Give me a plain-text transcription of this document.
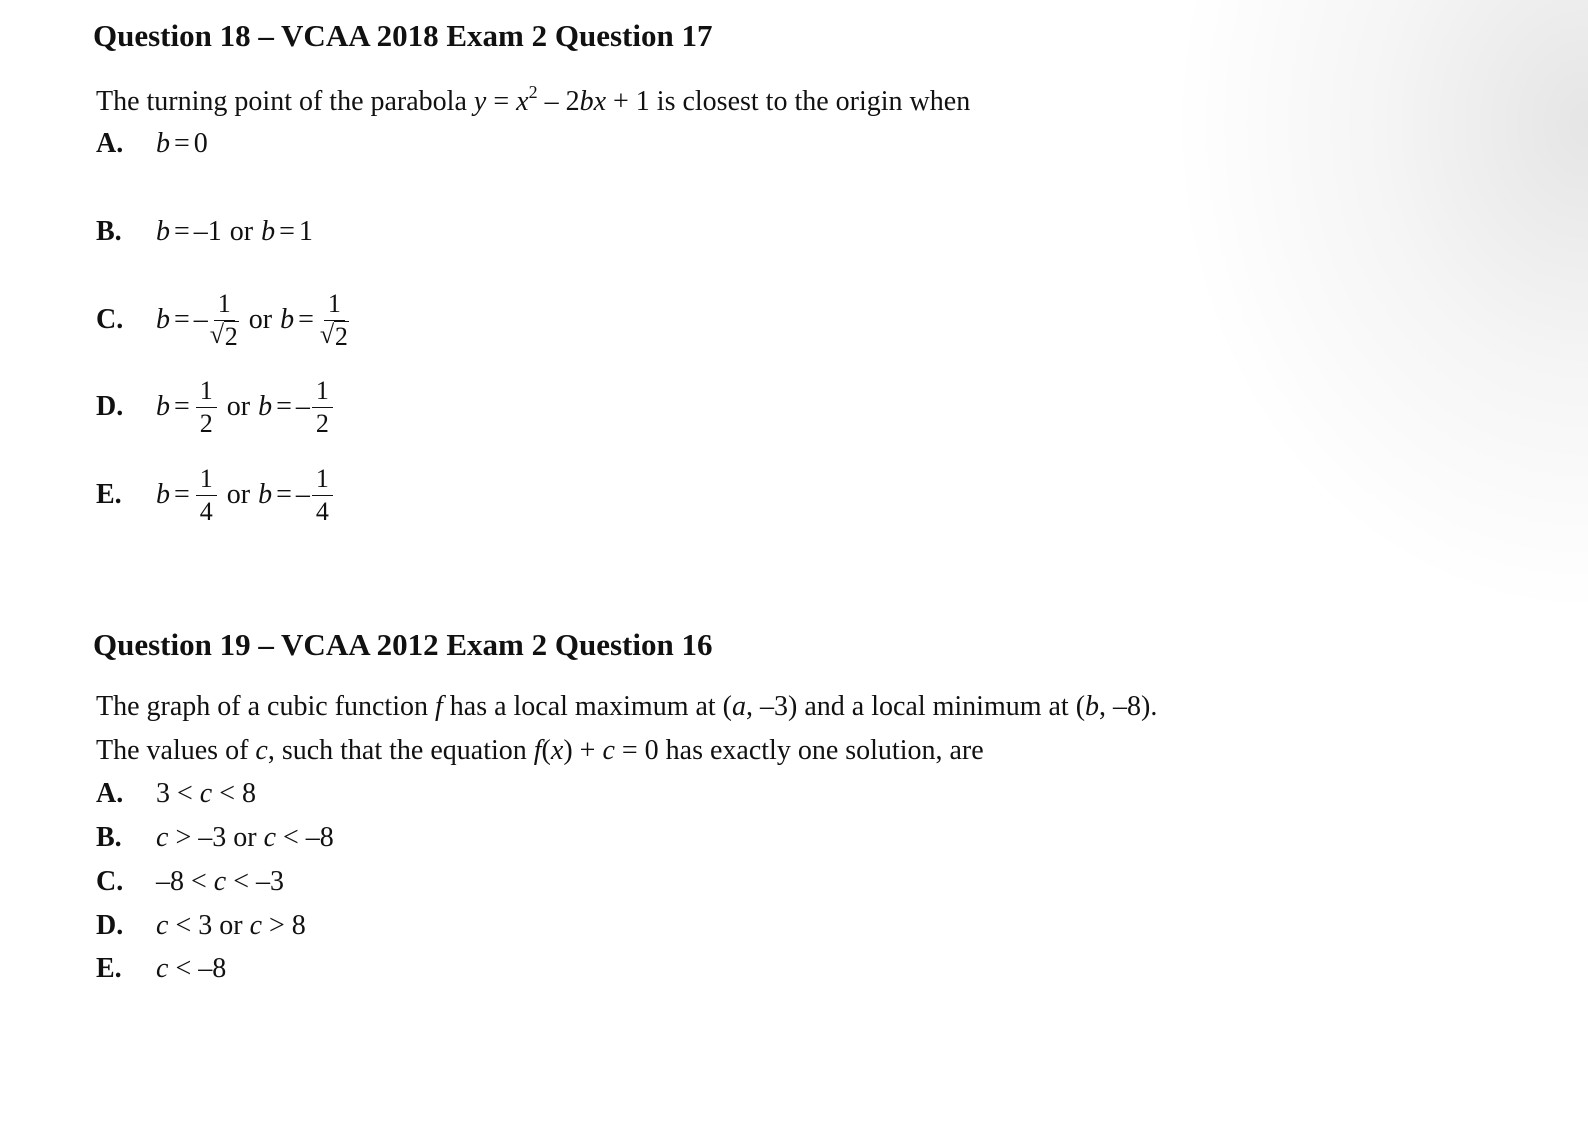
Question 18 – VCAA 2018 Exam 2 Question 17
The turning point of the parabola $y = x^2 - 2bx + 1$ is closest to the origin when
A.	b = 0
B.	b = –1 or b = 1
C.	b = – $\frac{1}{√ 2}$ or $b = \frac{1}{√ 2}$
D.	$b = \frac{1}{2}$ or b = – $\frac{1}{2}$
E.	$b = \frac{1}{4}$ or b = – $\frac{1}{4}$
Question 19 – VCAA 2012 Exam 2 Question 16
The graph of a cubic function f has a local maximum at (a, –3) and a local minimum at (b, –8).
The values of c, such that the equation f(x) + c = 0 has exactly one solution, are
A.	3 < c < 8
B.	c > –3 or c < –8
C.	–8 < c < –3
D.	c < 3 or c > 8
E.	c < –8
